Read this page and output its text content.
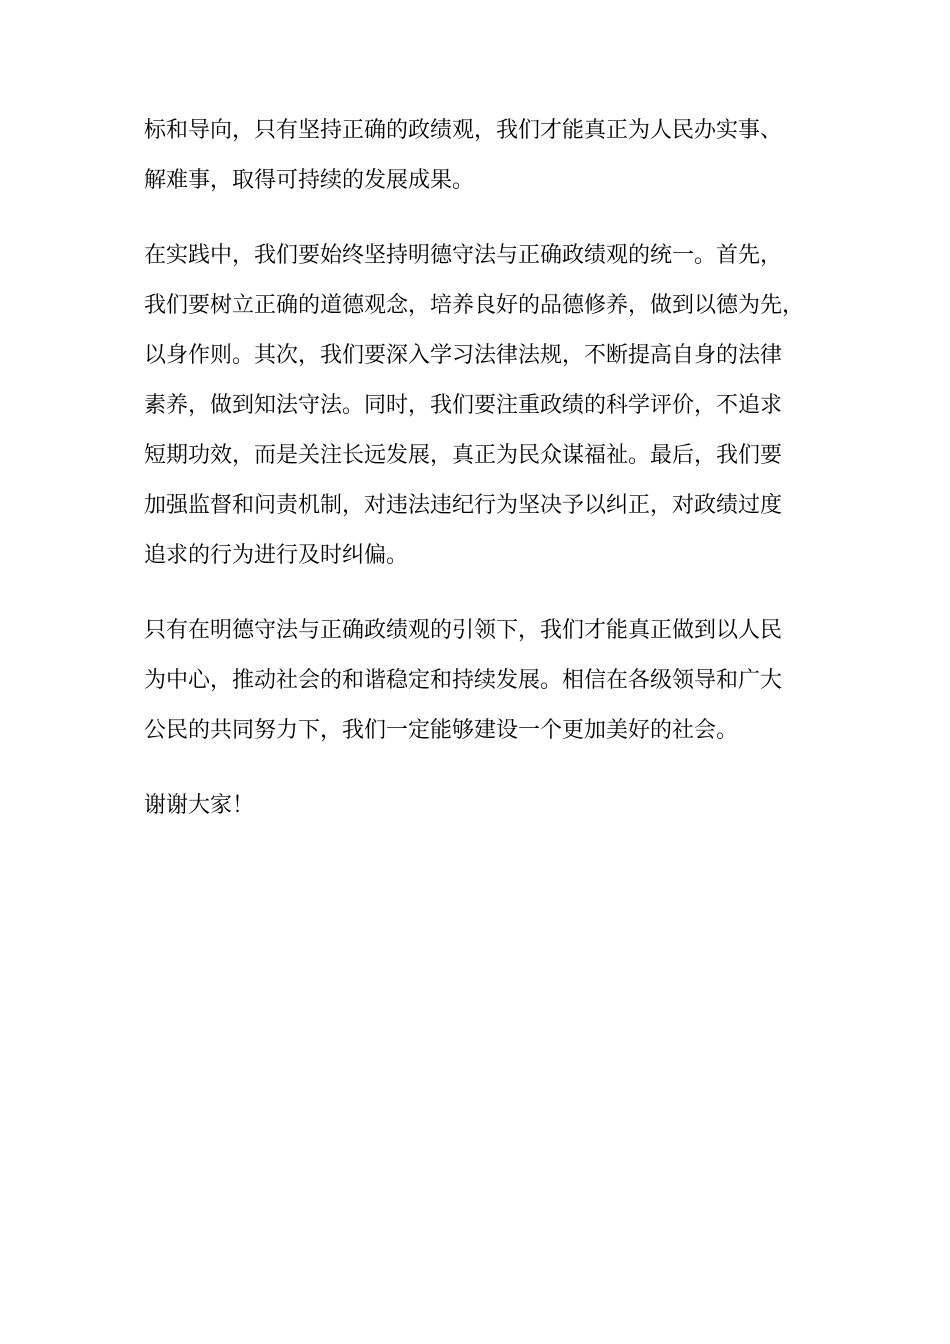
标和导向，只有坚持正确的政绩观，我们才能真正为人民办实事、
解难事，取得可持续的发展成果。
在实践中，我们要始终坚持明德守法与正确政绩观的统一。首先，
我们要树立正确的道德观念，培养良好的品德修养，做到以德为先，
以身作则。其次，我们要深入学习法律法规，不断提高自身的法律
素养，做到知法守法。同时，我们要注重政绩的科学评价，不追求
短期功效，而是关注长远发展，真正为民众谋福祉。最后，我们要
加强监督和问责机制，对违法违纪行为坚决予以纠正，对政绩过度
追求的行为进行及时纠偏。
只有在明德守法与正确政绩观的引领下，我们才能真正做到以人民
为中心，推动社会的和谐稳定和持续发展。相信在各级领导和广大
公民的共同努力下，我们一定能够建设一个更加美好的社会。
谢谢大家！
